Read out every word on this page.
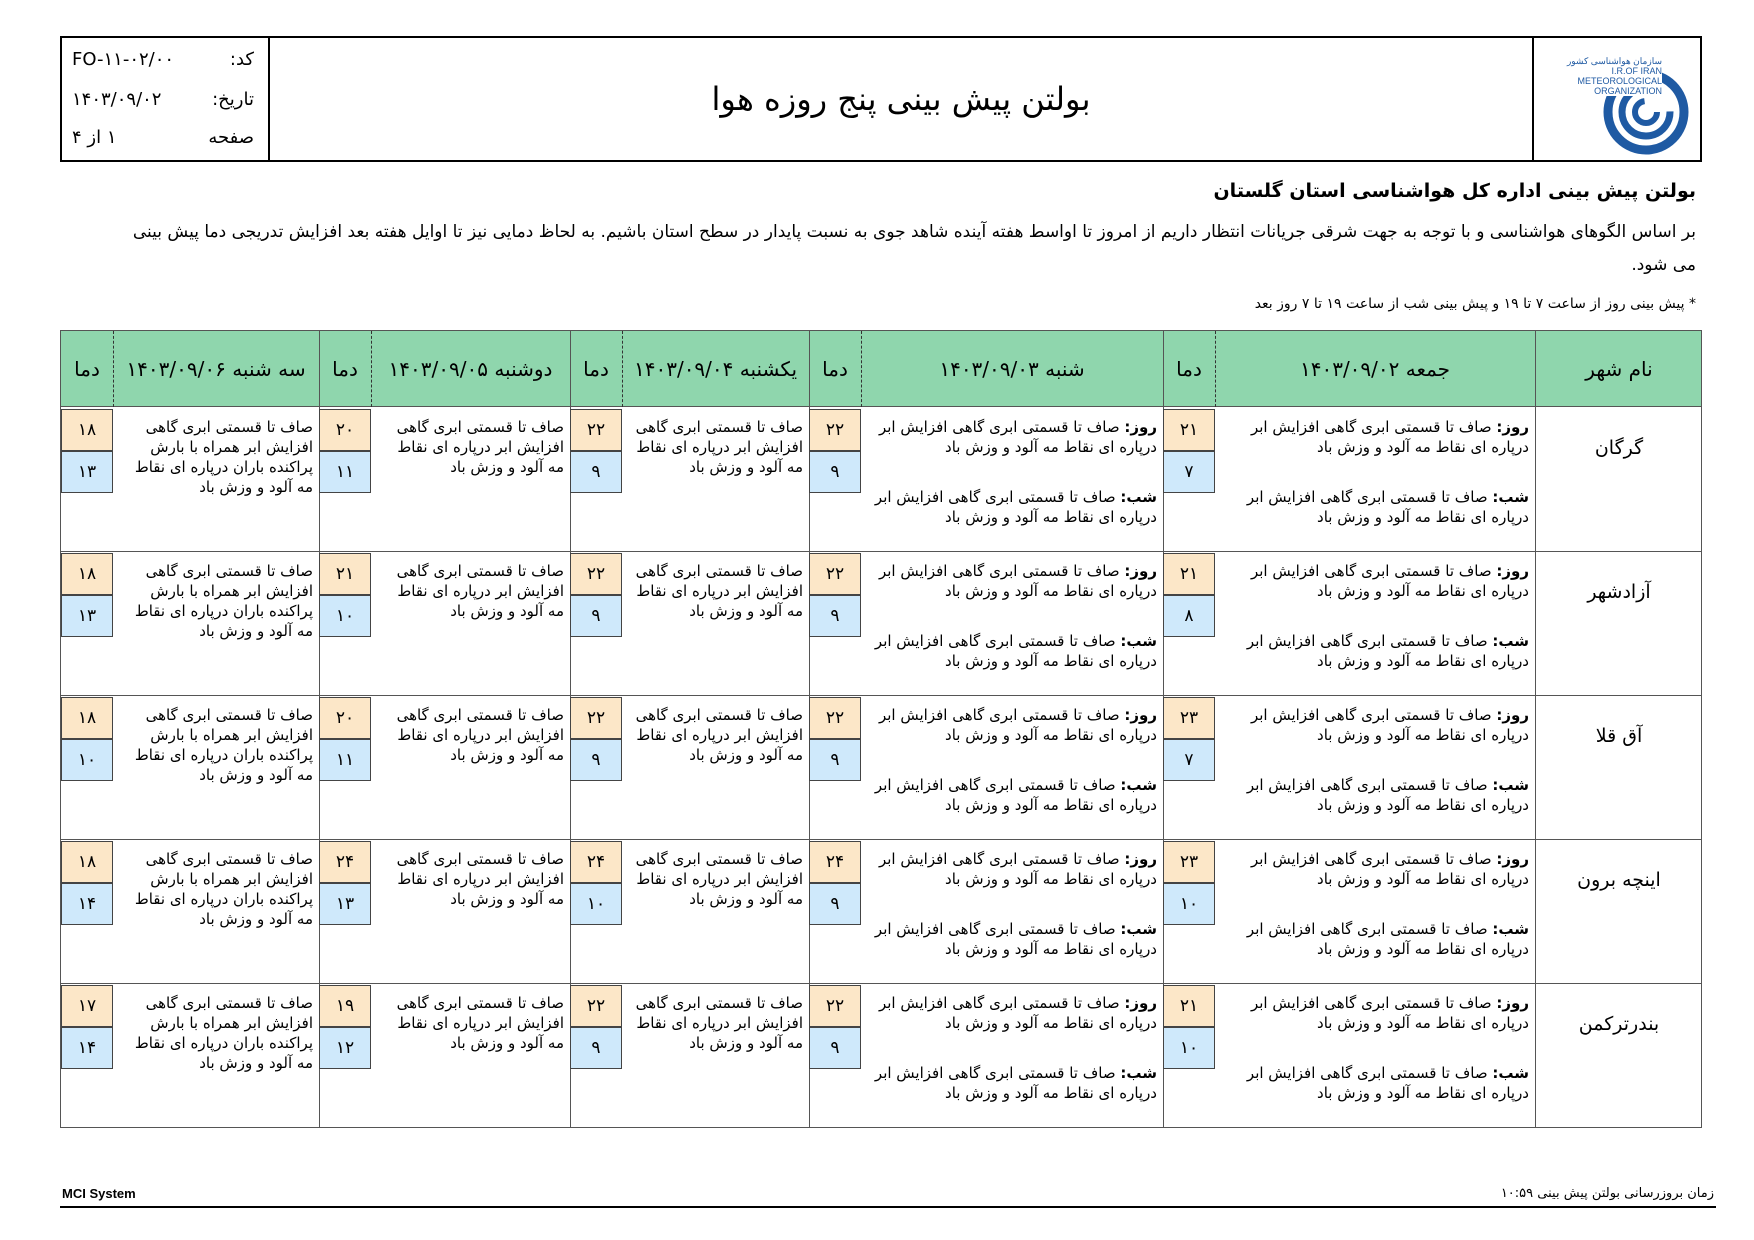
کد:
FO-۱۱-۰۲/۰۰
تاریخ:
۱۴۰۳/۰۹/۰۲
صفحه
۱ از ۴
بولتن پیش بینی پنج روزه هوا
سازمان هواشناسی کشور
I.R.OF IRAN
METEOROLOGICAL
ORGANIZATION
بولتن پیش بینی اداره کل هواشناسی استان گلستان
بر اساس الگوهای هواشناسی و با توجه به جهت شرقی جریانات انتظار داریم از امروز تا اواسط هفته آینده شاهد جوی به نسبت پایدار در سطح استان باشیم. به لحاظ دمایی نیز تا اوایل هفته بعد افزایش تدریجی دما پیش بینی می شود.
* پیش بینی روز از ساعت ۷ تا ۱۹ و پیش بینی شب از ساعت ۱۹ تا ۷ روز بعد
نام شهر
جمعه ۱۴۰۳/۰۹/۰۲
دما
شنبه ۱۴۰۳/۰۹/۰۳
دما
یکشنبه ۱۴۰۳/۰۹/۰۴
دما
دوشنبه ۱۴۰۳/۰۹/۰۵
دما
سه شنبه ۱۴۰۳/۰۹/۰۶
دما
گرگان
روز: صاف تا قسمتی ابری گاهی افزایش ابر درپاره ای نقاط مه آلود و وزش باد
شب: صاف تا قسمتی ابری گاهی افزایش ابر درپاره ای نقاط مه آلود و وزش باد
۲۱
۷
روز: صاف تا قسمتی ابری گاهی افزایش ابر درپاره ای نقاط مه آلود و وزش باد
شب: صاف تا قسمتی ابری گاهی افزایش ابر درپاره ای نقاط مه آلود و وزش باد
۲۲
۹
صاف تا قسمتی ابری گاهی افزایش ابر درپاره ای نقاط مه آلود و وزش باد
۲۲
۹
صاف تا قسمتی ابری گاهی افزایش ابر درپاره ای نقاط مه آلود و وزش باد
۲۰
۱۱
صاف تا قسمتی ابری گاهی افزایش ابر همراه با بارش پراکنده باران درپاره ای نقاط مه آلود و وزش باد
۱۸
۱۳
آزادشهر
روز: صاف تا قسمتی ابری گاهی افزایش ابر درپاره ای نقاط مه آلود و وزش باد
شب: صاف تا قسمتی ابری گاهی افزایش ابر درپاره ای نقاط مه آلود و وزش باد
۲۱
۸
روز: صاف تا قسمتی ابری گاهی افزایش ابر درپاره ای نقاط مه آلود و وزش باد
شب: صاف تا قسمتی ابری گاهی افزایش ابر درپاره ای نقاط مه آلود و وزش باد
۲۲
۹
صاف تا قسمتی ابری گاهی افزایش ابر درپاره ای نقاط مه آلود و وزش باد
۲۲
۹
صاف تا قسمتی ابری گاهی افزایش ابر درپاره ای نقاط مه آلود و وزش باد
۲۱
۱۰
صاف تا قسمتی ابری گاهی افزایش ابر همراه با بارش پراکنده باران درپاره ای نقاط مه آلود و وزش باد
۱۸
۱۳
آق قلا
روز: صاف تا قسمتی ابری گاهی افزایش ابر درپاره ای نقاط مه آلود و وزش باد
شب: صاف تا قسمتی ابری گاهی افزایش ابر درپاره ای نقاط مه آلود و وزش باد
۲۳
۷
روز: صاف تا قسمتی ابری گاهی افزایش ابر درپاره ای نقاط مه آلود و وزش باد
شب: صاف تا قسمتی ابری گاهی افزایش ابر درپاره ای نقاط مه آلود و وزش باد
۲۲
۹
صاف تا قسمتی ابری گاهی افزایش ابر درپاره ای نقاط مه آلود و وزش باد
۲۲
۹
صاف تا قسمتی ابری گاهی افزایش ابر درپاره ای نقاط مه آلود و وزش باد
۲۰
۱۱
صاف تا قسمتی ابری گاهی افزایش ابر همراه با بارش پراکنده باران درپاره ای نقاط مه آلود و وزش باد
۱۸
۱۰
اینچه برون
روز: صاف تا قسمتی ابری گاهی افزایش ابر درپاره ای نقاط مه آلود و وزش باد
شب: صاف تا قسمتی ابری گاهی افزایش ابر درپاره ای نقاط مه آلود و وزش باد
۲۳
۱۰
روز: صاف تا قسمتی ابری گاهی افزایش ابر درپاره ای نقاط مه آلود و وزش باد
شب: صاف تا قسمتی ابری گاهی افزایش ابر درپاره ای نقاط مه آلود و وزش باد
۲۴
۹
صاف تا قسمتی ابری گاهی افزایش ابر درپاره ای نقاط مه آلود و وزش باد
۲۴
۱۰
صاف تا قسمتی ابری گاهی افزایش ابر درپاره ای نقاط مه آلود و وزش باد
۲۴
۱۳
صاف تا قسمتی ابری گاهی افزایش ابر همراه با بارش پراکنده باران درپاره ای نقاط مه آلود و وزش باد
۱۸
۱۴
بندرترکمن
روز: صاف تا قسمتی ابری گاهی افزایش ابر درپاره ای نقاط مه آلود و وزش باد
شب: صاف تا قسمتی ابری گاهی افزایش ابر درپاره ای نقاط مه آلود و وزش باد
۲۱
۱۰
روز: صاف تا قسمتی ابری گاهی افزایش ابر درپاره ای نقاط مه آلود و وزش باد
شب: صاف تا قسمتی ابری گاهی افزایش ابر درپاره ای نقاط مه آلود و وزش باد
۲۲
۹
صاف تا قسمتی ابری گاهی افزایش ابر درپاره ای نقاط مه آلود و وزش باد
۲۲
۹
صاف تا قسمتی ابری گاهی افزایش ابر درپاره ای نقاط مه آلود و وزش باد
۱۹
۱۲
صاف تا قسمتی ابری گاهی افزایش ابر همراه با بارش پراکنده باران درپاره ای نقاط مه آلود و وزش باد
۱۷
۱۴
MCI System	زمان بروزرسانی بولتن پیش بینی ۱۰:۵۹
